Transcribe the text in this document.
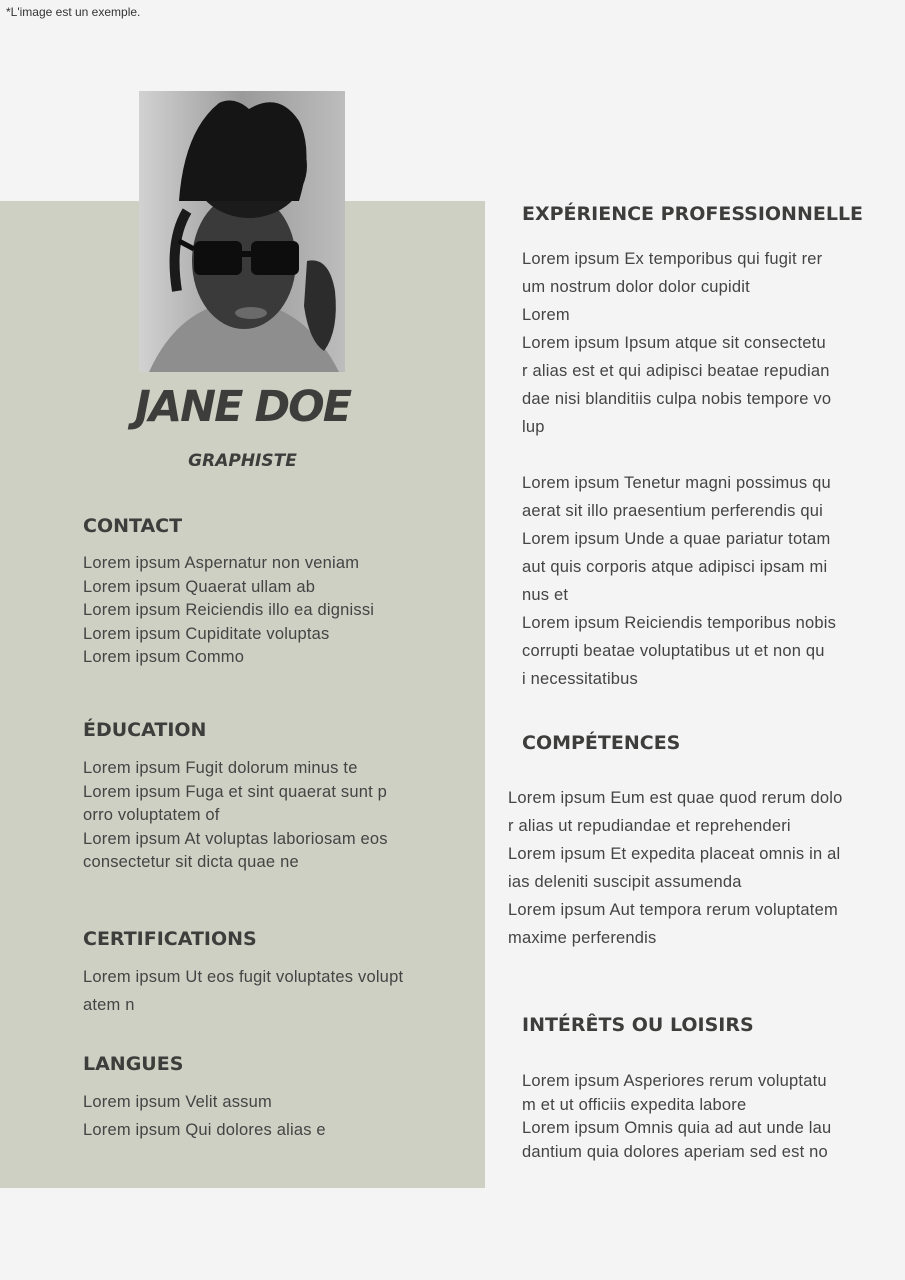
*L'image est un exemple.
JANE DOE
GRAPHISTE
CONTACT
Lorem ipsum Aspernatur non veniam
Lorem ipsum Quaerat ullam ab
Lorem ipsum Reiciendis illo ea dignissi
Lorem ipsum Cupiditate voluptas
Lorem ipsum Commo
ÉDUCATION
Lorem ipsum Fugit dolorum minus te
Lorem ipsum Fuga et sint quaerat sunt p
orro voluptatem of
Lorem ipsum At voluptas laboriosam eos
consectetur sit dicta quae ne
CERTIFICATIONS
Lorem ipsum Ut eos fugit voluptates volupt
atem n
LANGUES
Lorem ipsum Velit assum
Lorem ipsum Qui dolores alias e
EXPÉRIENCE PROFESSIONNELLE
Lorem ipsum Ex temporibus qui fugit rer
um nostrum dolor dolor cupidit
Lorem
Lorem ipsum Ipsum atque sit consectetu
r alias est et qui adipisci beatae repudian
dae nisi blanditiis culpa nobis tempore vo
lup
Lorem ipsum Tenetur magni possimus qu
aerat sit illo praesentium perferendis qui
Lorem ipsum Unde a quae pariatur totam
aut quis corporis atque adipisci ipsam mi
nus et
Lorem ipsum Reiciendis temporibus nobis
corrupti beatae voluptatibus ut et non qu
i necessitatibus
COMPÉTENCES
Lorem ipsum Eum est quae quod rerum dolo
r alias ut repudiandae et reprehenderi
Lorem ipsum Et expedita placeat omnis in al
ias deleniti suscipit assumenda
Lorem ipsum Aut tempora rerum voluptatem
maxime perferendis
INTÉRÊTS OU LOISIRS
Lorem ipsum Asperiores rerum voluptatu
m et ut officiis expedita labore
Lorem ipsum Omnis quia ad aut unde lau
dantium quia dolores aperiam sed est no
